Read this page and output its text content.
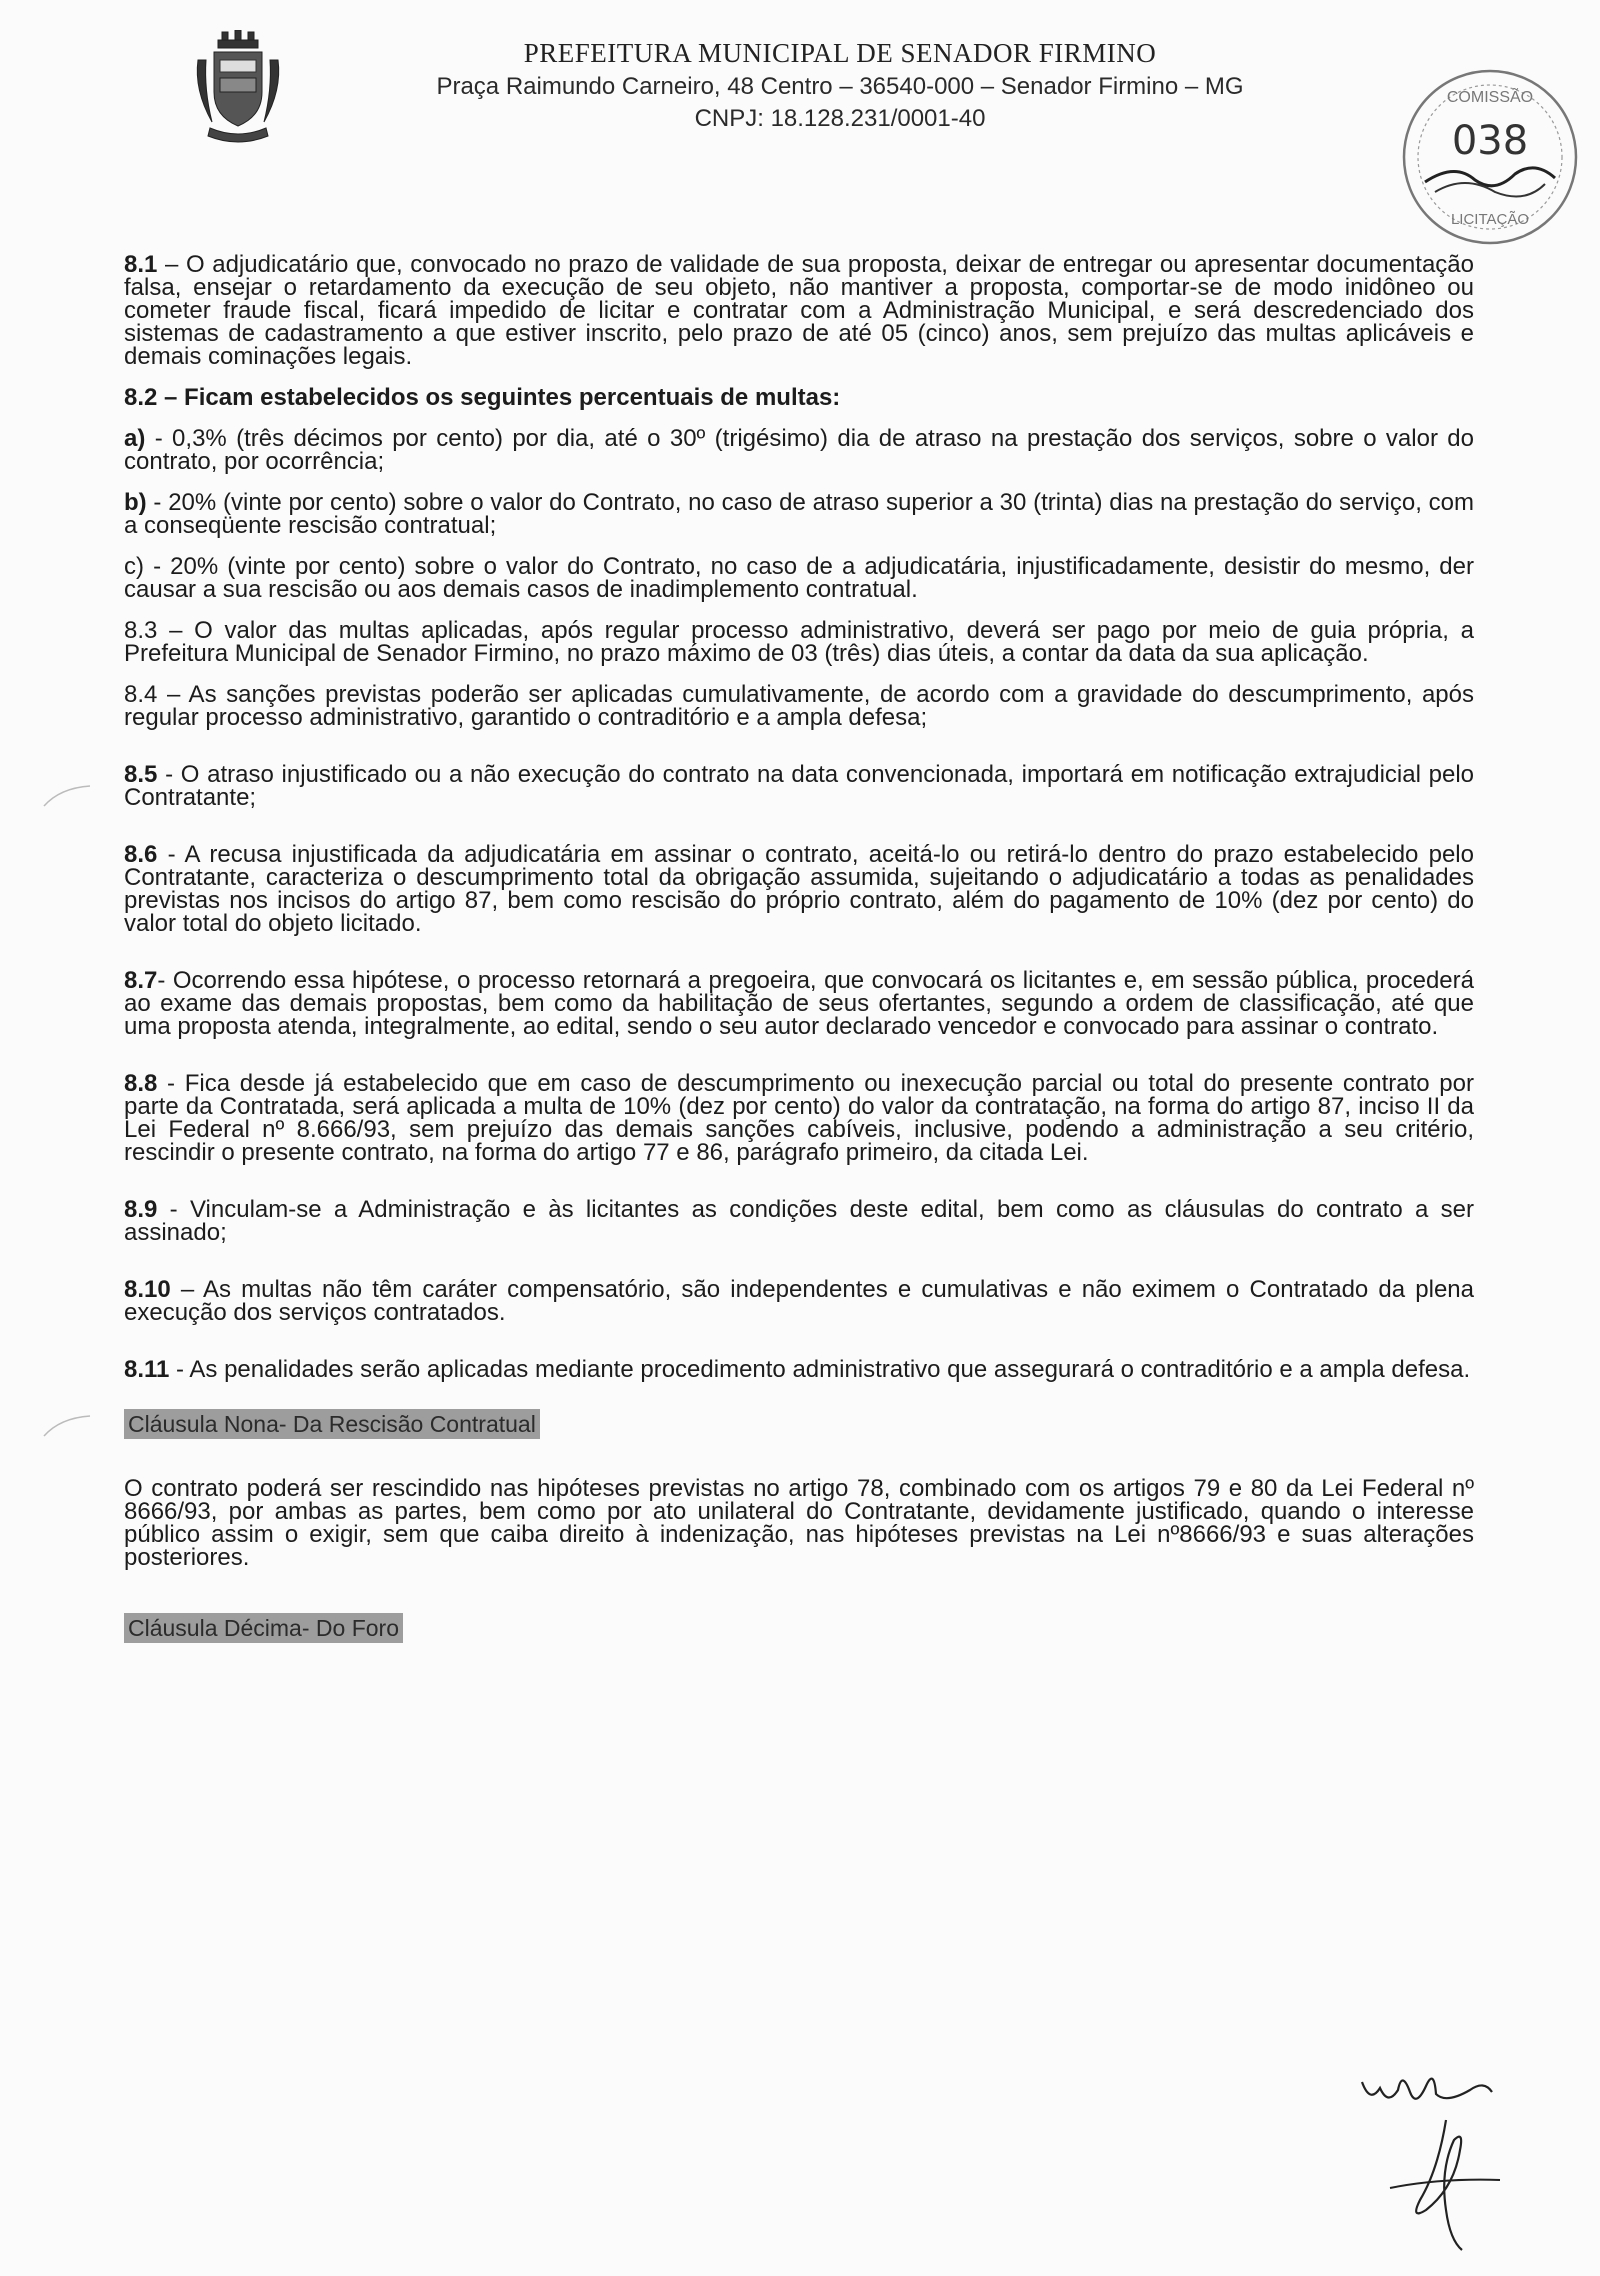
PREFEITURA MUNICIPAL DE SENADOR FIRMINO
Praça Raimundo Carneiro, 48 Centro – 36540-000 – Senador Firmino – MG
CNPJ: 18.128.231/0001-40
COMISSÃO
038
LICITAÇÃO

8.1 – O adjudicatário que, convocado no prazo de validade de sua proposta, deixar de entregar ou apresentar documentação falsa, ensejar o retardamento da execução de seu objeto, não mantiver a proposta, comportar-se de modo inidôneo ou cometer fraude fiscal, ficará impedido de licitar e contratar com a Administração Municipal, e será descredenciado dos sistemas de cadastramento a que estiver inscrito, pelo prazo de até 05 (cinco) anos, sem prejuízo das multas aplicáveis e demais cominações legais.

8.2 – Ficam estabelecidos os seguintes percentuais de multas:

a) - 0,3% (três décimos por cento) por dia, até o 30º (trigésimo) dia de atraso na prestação dos serviços, sobre o valor do contrato, por ocorrência;

b) - 20% (vinte por cento) sobre o valor do Contrato, no caso de atraso superior a 30 (trinta) dias na prestação do serviço, com a conseqüente rescisão contratual;

c) - 20% (vinte por cento) sobre o valor do Contrato, no caso de a adjudicatária, injustificadamente, desistir do mesmo, der causar a sua rescisão ou aos demais casos de inadimplemento contratual.

8.3 – O valor das multas aplicadas, após regular processo administrativo, deverá ser pago por meio de guia própria, a Prefeitura Municipal de Senador Firmino, no prazo máximo de 03 (três) dias úteis, a contar da data da sua aplicação.

8.4 – As sanções previstas poderão ser aplicadas cumulativamente, de acordo com a gravidade do descumprimento, após regular processo administrativo, garantido o contraditório e a ampla defesa;

8.5 - O atraso injustificado ou a não execução do contrato na data convencionada, importará em notificação extrajudicial pelo Contratante;

8.6 - A recusa injustificada da adjudicatária em assinar o contrato, aceitá-lo ou retirá-lo dentro do prazo estabelecido pelo Contratante, caracteriza o descumprimento total da obrigação assumida, sujeitando o adjudicatário a todas as penalidades previstas nos incisos do artigo 87, bem como rescisão do próprio contrato, além do pagamento de 10% (dez por cento) do valor total do objeto licitado.

8.7- Ocorrendo essa hipótese, o processo retornará a pregoeira, que convocará os licitantes e, em sessão pública, procederá ao exame das demais propostas, bem como da habilitação de seus ofertantes, segundo a ordem de classificação, até que uma proposta atenda, integralmente, ao edital, sendo o seu autor declarado vencedor e convocado para assinar o contrato.

8.8 - Fica desde já estabelecido que em caso de descumprimento ou inexecução parcial ou total do presente contrato por parte da Contratada, será aplicada a multa de 10% (dez por cento) do valor da contratação, na forma do artigo 87, inciso II da Lei Federal nº 8.666/93, sem prejuízo das demais sanções cabíveis, inclusive, podendo a administração a seu critério, rescindir o presente contrato, na forma do artigo 77 e 86, parágrafo primeiro, da citada Lei.

8.9 - Vinculam-se a Administração e às licitantes as condições deste edital, bem como as cláusulas do contrato a ser assinado;

8.10 – As multas não têm caráter compensatório, são independentes e cumulativas e não eximem o Contratado da plena execução dos serviços contratados.

8.11 - As penalidades serão aplicadas mediante procedimento administrativo que assegurará o contraditório e a ampla defesa.

Cláusula Nona- Da Rescisão Contratual

O contrato poderá ser rescindido nas hipóteses previstas no artigo 78, combinado com os artigos 79 e 80 da Lei Federal nº 8666/93, por ambas as partes, bem como por ato unilateral do Contratante, devidamente justificado, quando o interesse público assim o exigir, sem que caiba direito à indenização, nas hipóteses previstas na Lei nº8666/93 e suas alterações posteriores.

Cláusula Décima- Do Foro
